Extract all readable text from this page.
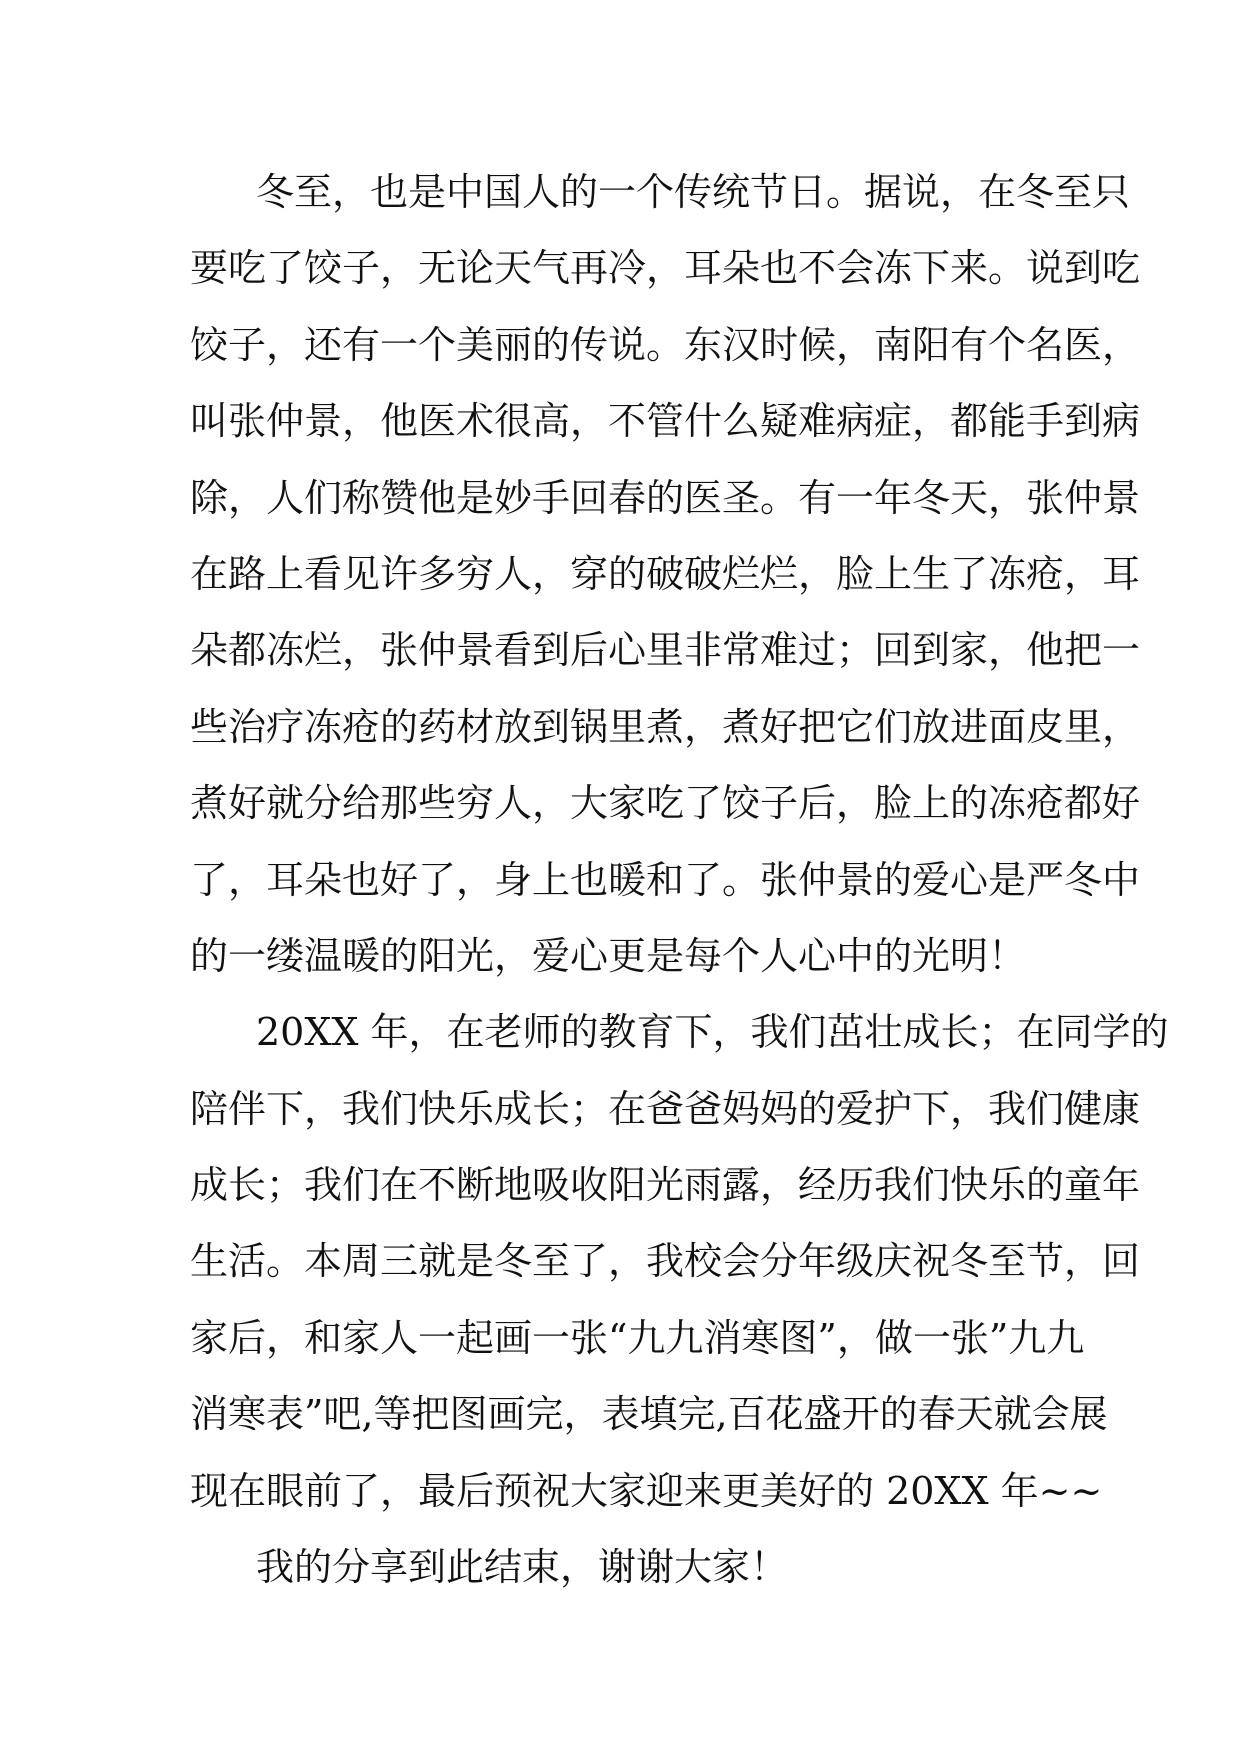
冬至，也是中国人的一个传统节日。据说，在冬至只
要吃了饺子，无论天气再冷，耳朵也不会冻下来。说到吃
饺子，还有一个美丽的传说。东汉时候，南阳有个名医，
叫张仲景，他医术很高，不管什么疑难病症，都能手到病
除，人们称赞他是妙手回春的医圣。有一年冬天，张仲景
在路上看见许多穷人，穿的破破烂烂，脸上生了冻疮，耳
朵都冻烂，张仲景看到后心里非常难过；回到家，他把一
些治疗冻疮的药材放到锅里煮，煮好把它们放进面皮里，
煮好就分给那些穷人，大家吃了饺子后，脸上的冻疮都好
了，耳朵也好了，身上也暖和了。张仲景的爱心是严冬中
的一缕温暖的阳光，爱心更是每个人心中的光明！
20XX 年，在老师的教育下，我们茁壮成长；在同学的
陪伴下，我们快乐成长；在爸爸妈妈的爱护下，我们健康
成长；我们在不断地吸收阳光雨露，经历我们快乐的童年
生活。本周三就是冬至了，我校会分年级庆祝冬至节，回
家后，和家人一起画一张“九九消寒图”，做一张”九九
消寒表”吧,等把图画完，表填完,百花盛开的春天就会展
现在眼前了，最后预祝大家迎来更美好的 20XX 年~~
我的分享到此结束，谢谢大家！
